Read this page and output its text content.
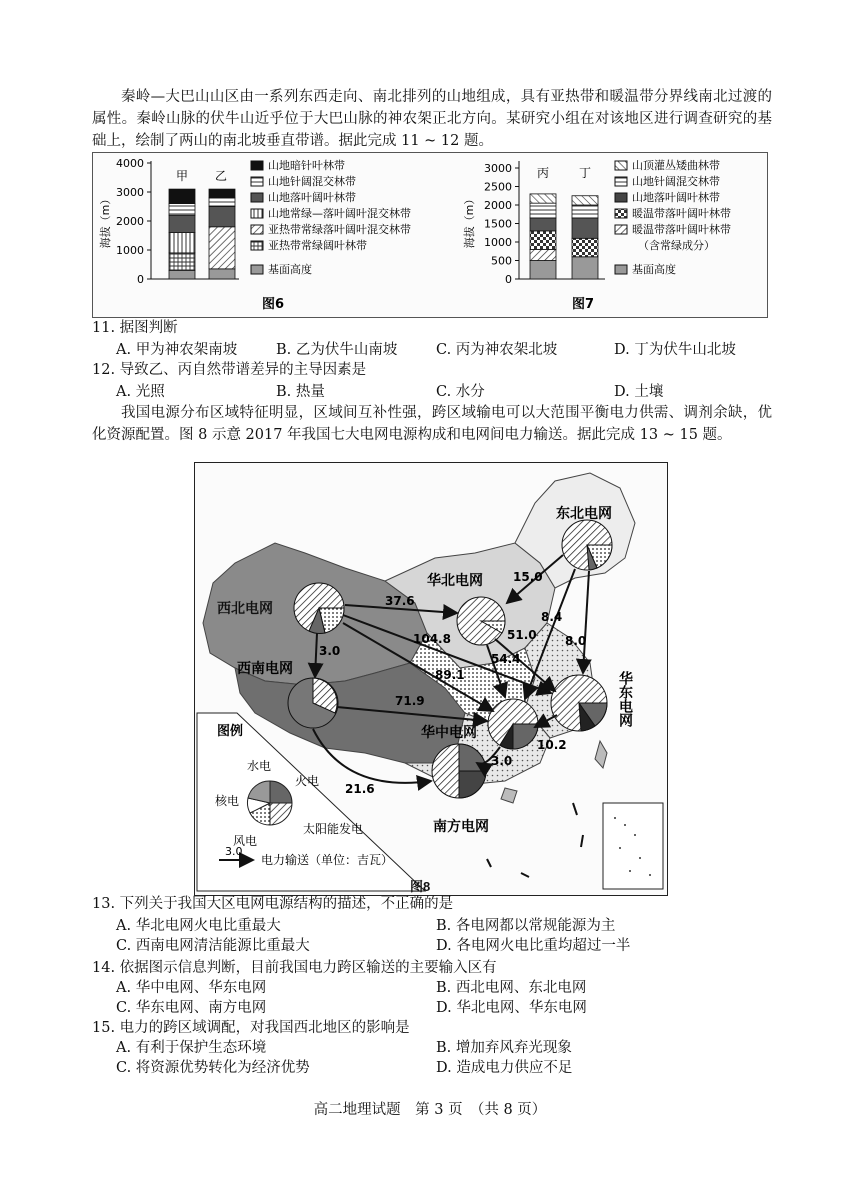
秦岭—大巴山山区由一系列东西走向、南北排列的山地组成，具有亚热带和暖温带分界线南北过渡的属性。秦岭山脉的伏牛山近乎位于大巴山脉的神农架正北方向。某研究小组在对该地区进行调查研究的基础上，绘制了两山的南北坡垂直带谱。据此完成 11 ~ 12 题。

0
1000
2000
3000
4000
海拔（m）
甲 乙
山地暗针叶林带
山地针阔混交林带
山地落叶阔叶林带
山地常绿—落叶阔叶混交林带
亚热带常绿落叶阔叶混交林带
亚热带常绿阔叶林带
基面高度
图6
0
500
1000
1500
2000
2500
3000
海拔（m）
丙 丁
山顶灌丛矮曲林带
山地针阔混交林带
山地落叶阔叶林带
暖温带落叶阔叶林带
暖温带落叶阔叶林带
（含常绿成分）
基面高度
图7
11. 据图判断
A. 甲为神农架南坡	B. 乙为伏牛山南坡	C. 丙为神农架北坡	D. 丁为伏牛山北坡
12. 导致乙、丙自然带谱差异的主导因素是
A. 光照	B. 热量	C. 水分	D. 土壤

我国电源分布区域特征明显，区域间互补性强，跨区域输电可以大范围平衡电力供需、调剂余缺，优化资源配置。图 8 示意 2017 年我国七大电网电源构成和电网间电力输送。据此完成 13 ~ 15 题。

图例
水电
火电
核电
风电
太阳能发电
3.0
电力输送（单位：吉瓦）
东北电网
华北电网
西北电网
西南电网
华中电网
南方电网
华东电网
15.0
37.6
104.8	51.0
8.4
8.0
54.4
89.1
3.0
71.9
10.2
3.0
21.6
图8
13. 下列关于我国大区电网电源结构的描述，不正确的是
A. 华北电网火电比重最大	B. 各电网都以常规能源为主
C. 西南电网清洁能源比重最大	D. 各电网火电比重均超过一半
14. 依据图示信息判断，目前我国电力跨区输送的主要输入区有
A. 华中电网、华东电网	B. 西北电网、东北电网
C. 华东电网、南方电网	D. 华北电网、华东电网
15. 电力的跨区域调配，对我国西北地区的影响是
A. 有利于保护生态环境	B. 增加弃风弃光现象
C. 将资源优势转化为经济优势	D. 造成电力供应不足
高二地理试题　第 3 页　（共 8 页）
